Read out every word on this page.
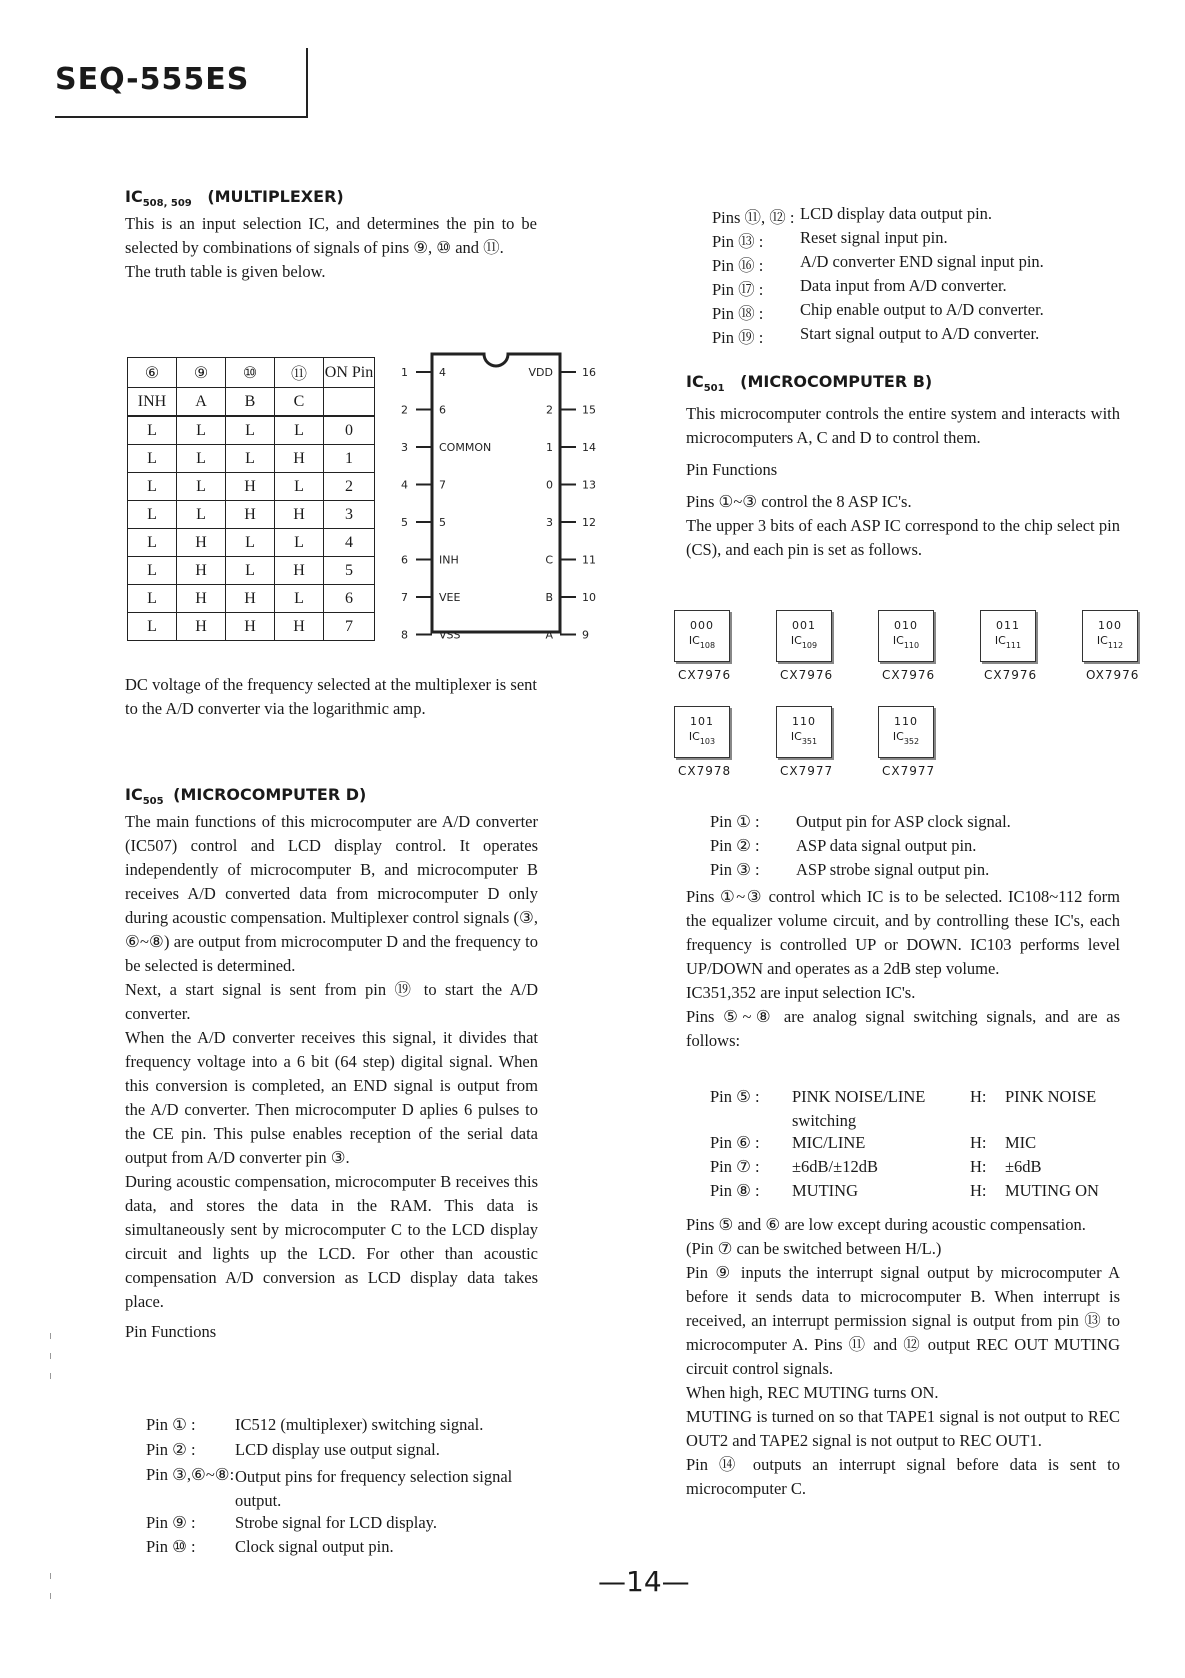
SEQ-555ES
$IC_{508, 509}$ (MULTIPLEXER)

This is an input selection IC, and determines the pin to be selected by combinations of signals of pins ⑨, ⑩ and ⑪.

The truth table is given below.

⑥	⑨	⑩	⑪	ON Pin
INH	A	B	C	
L	L	L	L	0
L	L	L	H	1
L	L	H	L	2
L	L	H	H	3
L	H	L	L	4
L	H	L	H	5
L	H	H	L	6
L	H	H	H	7
1	4
2	6
3	COMMON
4	7
5	5
6	INH
7	VEE
8	VSS
16
VDD
15
2
14
1
13
0
12
3
11
C
10
B
9
A
DC voltage of the frequency selected at the multiplexer is sent to the A/D converter via the logarithmic amp.
$IC_{505}$ (MICROCOMPUTER D)

The main functions of this microcomputer are A/D converter (IC507) control and LCD display control. It operates independently of microcomputer B, and microcomputer B receives A/D converted data from microcomputer D only during acoustic compensation. Multiplexer control signals (③, ⑥~⑧) are output from microcomputer D and the frequency to be selected is determined.

Next, a start signal is sent from pin ⑲ to start the A/D converter.

When the A/D converter receives this signal, it divides that frequency voltage into a 6 bit (64 step) digital signal. When this conversion is completed, an END signal is output from the A/D converter. Then microcomputer D aplies 6 pulses to the CE pin. This pulse enables reception of the serial data output from A/D converter pin ③.

During acoustic compensation, microcomputer B receives this data, and stores the data in the RAM. This data is simultaneously sent by microcomputer C to the LCD display circuit and lights up the LCD. For other than acoustic compensation A/D conversion as LCD display data takes place.

Pin Functions

Pin ① : IC512 (multiplexer) switching signal.
Pin ② : LCD display use output signal.
Pin ③,⑥~⑧: Output pins for frequency selection signal output.
Pin ⑨ : Strobe signal for LCD display.
Pin ⑩ : Clock signal output pin.
Pins ⑪, ⑫ : LCD display data output pin.
Pin ⑬ : Reset signal input pin.
Pin ⑯ : A/D converter END signal input pin.
Pin ⑰ : Data input from A/D converter.
Pin ⑱ : Chip enable output to A/D converter.
Pin ⑲ : Start signal output to A/D converter.
$IC_{501}$ (MICROCOMPUTER B)

This microcomputer controls the entire system and interacts with microcomputers A, C and D to control them.

Pin Functions

Pins ①~③ control the 8 ASP IC's.

The upper 3 bits of each ASP IC correspond to the chip select pin (CS), and each pin is set as follows.

000
$IC_{108}$
CX7976
001
$IC_{109}$
CX7976
010
$IC_{110}$
CX7976
011
$IC_{111}$
CX7976
100
$IC_{112}$
OX7976
101
$IC_{103}$
CX7978
110
$IC_{351}$
CX7977
110
$IC_{352}$
CX7977
Pin ① : Output pin for ASP clock signal.
Pin ② : ASP data signal output pin.
Pin ③ : ASP strobe signal output pin.

Pins ①~③ control which IC is to be selected. IC108~112 form the equalizer volume circuit, and by controlling these IC's, each frequency is controlled UP or DOWN. IC103 performs level UP/DOWN and operates as a 2dB step volume.

IC351,352 are input selection IC's.

Pins ⑤~⑧ are analog signal switching signals, and are as follows:

Pin ⑤ : PINK NOISE/LINE
switching
H: PINK NOISE
Pin ⑥ : MIC/LINE	H: MIC
Pin ⑦ : ±6dB/±12dB	H: ±6dB
Pin ⑧ : MUTING	H: MUTING ON

Pins ⑤ and ⑥ are low except during acoustic compensation.

(Pin ⑦ can be switched between H/L.)

Pin ⑨ inputs the interrupt signal output by microcomputer A before it sends data to microcomputer B. When interrupt is received, an interrupt permission signal is output from pin ⑬ to microcomputer A. Pins ⑪ and ⑫ output REC OUT MUTING circuit control signals.

When high, REC MUTING turns ON.

MUTING is turned on so that TAPE1 signal is not output to REC OUT2 and TAPE2 signal is not output to REC OUT1.

Pin ⑭ outputs an interrupt signal before data is sent to microcomputer C.

—14—
